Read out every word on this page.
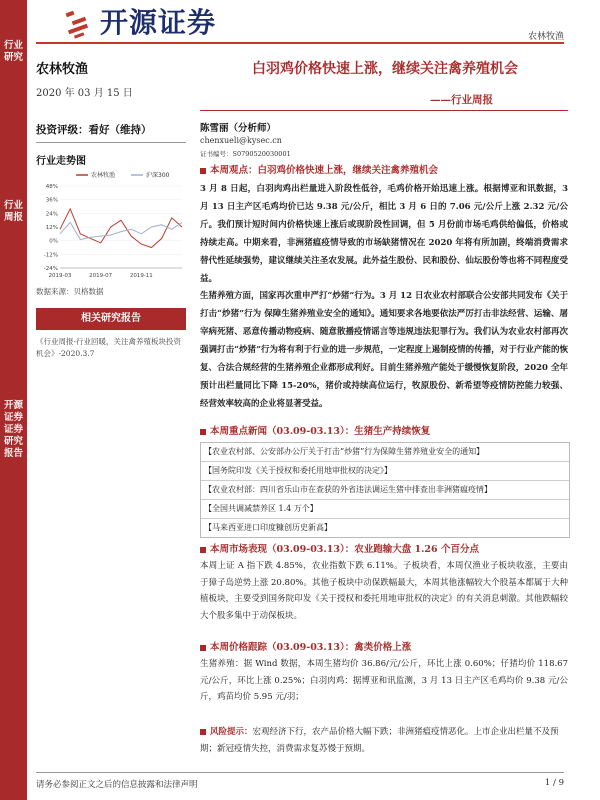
行业研究
行业周报
开源证券 证券研究报告
开源证券	农林牧渔
农林牧渔
2020 年 03 月 15 日
投资评级：看好（维持）
行业走势图
-24%
-12%
0%
12%
24%
36%
48%
2019-03	2019-07	2019-11
农林牧渔	沪深300
数据来源：贝格数据
相关研究报告
《行业周报-行业回暖，关注禽养殖板块投资机会》-2020.3.7
白羽鸡价格快速上涨，继续关注禽养殖机会
——行业周报
陈雪丽（分析师）
chenxueli@kysec.cn
证书编号：S0790520030001
本周观点：白羽鸡价格快速上涨，继续关注禽养殖机会
3 月 8 日起，白羽肉鸡出栏量进入阶段性低谷，毛鸡价格开始迅速上涨。根据博亚和讯数据，3 月 13 日主产区毛鸡均价已达 9.38 元/公斤，相比 3 月 6 日的 7.06 元/公斤上涨 2.32 元/公斤。我们预计短时间内价格快速上涨后或现阶段性回调，但 5 月份前市场毛鸡供给偏低，价格或持续走高。中期来看，非洲猪瘟疫情导致的市场缺猪情况在 2020 年将有所加剧，终端消费需求替代性延续强势，建议继续关注圣农发展。此外益生股份、民和股份、仙坛股份等也将不同程度受益。
生猪养殖方面，国家再次重申严打“炒猪”行为。3 月 12 日农业农村部联合公安部共同发布《关于打击“炒猪”行为 保障生猪养殖业安全的通知》。通知要求各地要依法严厉打击非法经营、运输、屠宰病死猪、恶意传播动物疫病、随意散播疫情谣言等违规违法犯罪行为。我们认为农业农村部再次强调打击“炒猪”行为将有利于行业的进一步规范，一定程度上遏制疫情的传播，对于行业产能的恢复、合法合规经营的生猪养殖企业都形成利好。目前生猪养殖产能处于缓慢恢复阶段，2020 全年预计出栏量同比下降 15-20%，猪价或持续高位运行，牧原股份、新希望等疫情防控能力较强、经营效率较高的企业将显著受益。
本周重点新闻（03.09-03.13）：生猪生产持续恢复
【农业农村部、公安部办公厅关于打击“炒猪”行为保障生猪养殖业安全的通知】
【国务院印发《关于授权和委托用地审批权的决定》】
【农业农村部：四川省乐山市在查获的外省违法调运生猪中排查出非洲猪瘟疫情】
【全国共调减禁养区 1.4 万个】
【马来西亚进口印度糠创历史新高】
本周市场表现（03.09-03.13）：农业跑输大盘 1.26 个百分点
本周上证 A 指下跌 4.85%，农业指数下跌 6.11%。子板块看，本周仅渔业子板块收涨，主要由于獐子岛逆势上涨 20.80%。其他子板块中动保跌幅最大，本周其他涨幅较大个股基本都属于大种植板块，主要受到国务院印发《关于授权和委托用地审批权的决定》的有关消息刺激。其他跌幅较大个股多集中于动保板块。
本周价格跟踪（03.09-03.13）：禽类价格上涨
生猪养殖：据 Wind 数据，本周生猪均价 36.86/元/公斤，环比上涨 0.60%；仔猪均价 118.67 元/公斤，环比上涨 0.25%；白羽肉鸡：据博亚和讯监测，3 月 13 日主产区毛鸡均价 9.38 元/公斤，鸡苗均价 5.95 元/羽；
风险提示：宏观经济下行，农产品价格大幅下跌；非洲猪瘟疫情恶化。上市企业出栏量不及预期；新冠疫情失控，消费需求复苏慢于预期。
请务必参阅正文之后的信息披露和法律声明	1 / 9
